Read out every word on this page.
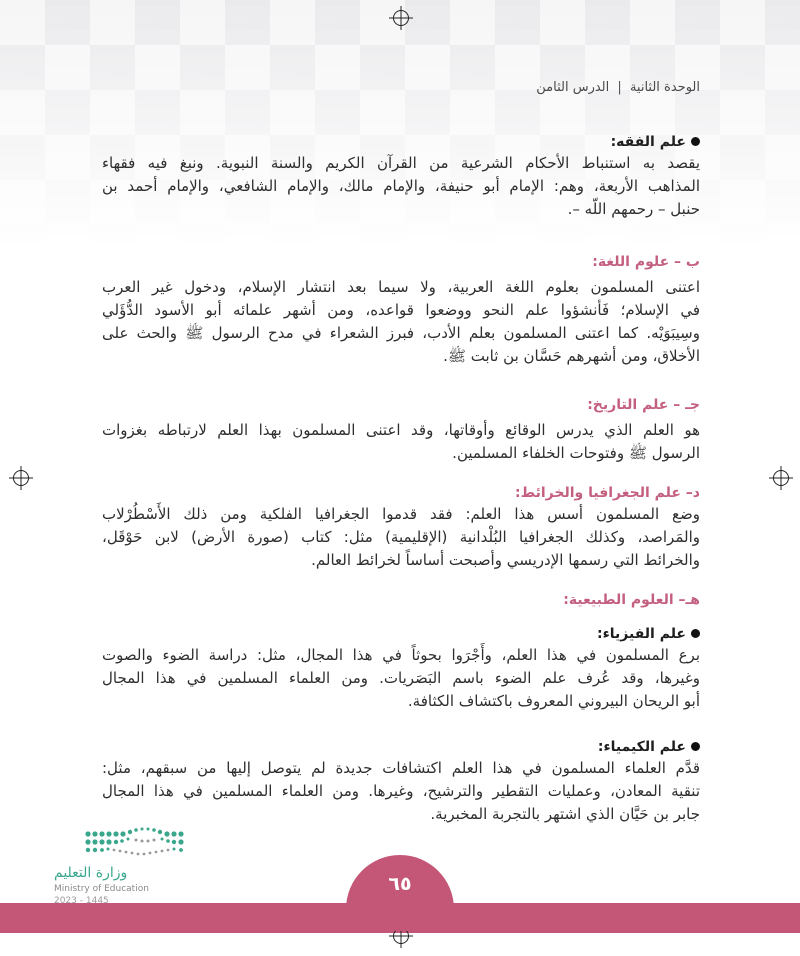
الوحدة الثانية | الدرس الثامن
علم الفقه:

يقصد به استنباط الأحكام الشرعية من القرآن الكريم والسنة النبوية. ونبغ فيه فقهاء
المذاهب الأربعة، وهم: الإمام أبو حنيفة، والإمام مالك، والإمام الشافعي، والإمام أحمد بن
حنبل – رحمهم اللّه –.

ب – علوم اللغة:

اعتنى المسلمون بعلوم اللغة العربية، ولا سيما بعد انتشار الإسلام، ودخول غير العرب
في الإسلام؛ فَأنشؤوا علم النحو ووضعوا قواعده، ومن أشهر علمائه أبو الأسود الدُّؤَلي
وسِيبَوَيْه. كما اعتنى المسلمون بعلم الأدب، فبرز الشعراء في مدح الرسول ﷺ والحث على
الأخلاق، ومن أشهرهم حَسَّان بن ثابت ﷺ.

جـ – علم التاريخ:

هو العلم الذي يدرس الوقائع وأوقاتها، وقد اعتنى المسلمون بهذا العلم لارتباطه بغزوات
الرسول ﷺ وفتوحات الخلفاء المسلمين.

د– علم الجغرافيا والخرائط:

وضع المسلمون أسس هذا العلم: فقد قدموا الجغرافيا الفلكية ومن ذلك الأَسْطُرْلاب
والمَراصد، وكذلك الجغرافيا البُلْدانية (الإقليمية) مثل: كتاب (صورة الأرض) لابن حَوْقَل،
والخرائط التي رسمها الإدريسي وأصبحت أساساً لخرائط العالم.

هـ– العلوم الطبيعية:
علم الفيزياء:

برع المسلمون في هذا العلم، وأَجْرَوا بحوثاً في هذا المجال، مثل: دراسة الضوء والصوت
وغيرها، وقد عُرف علم الضوء باسم البَصَريات. ومن العلماء المسلمين في هذا المجال
أبو الريحان البيروني المعروف باكتشاف الكثافة.

علم الكيمياء:

قدَّم العلماء المسلمون في هذا العلم اكتشافات جديدة لم يتوصل إليها من سبقهم، مثل:
تنقية المعادن، وعمليات التقطير والترشيح، وغيرها. ومن العلماء المسلمين في هذا المجال
جابر بن حَيَّان الذي اشتهر بالتجربة المخبرية.

وزارة التعليم
Ministry of Education
2023 - 1445
٦٥
